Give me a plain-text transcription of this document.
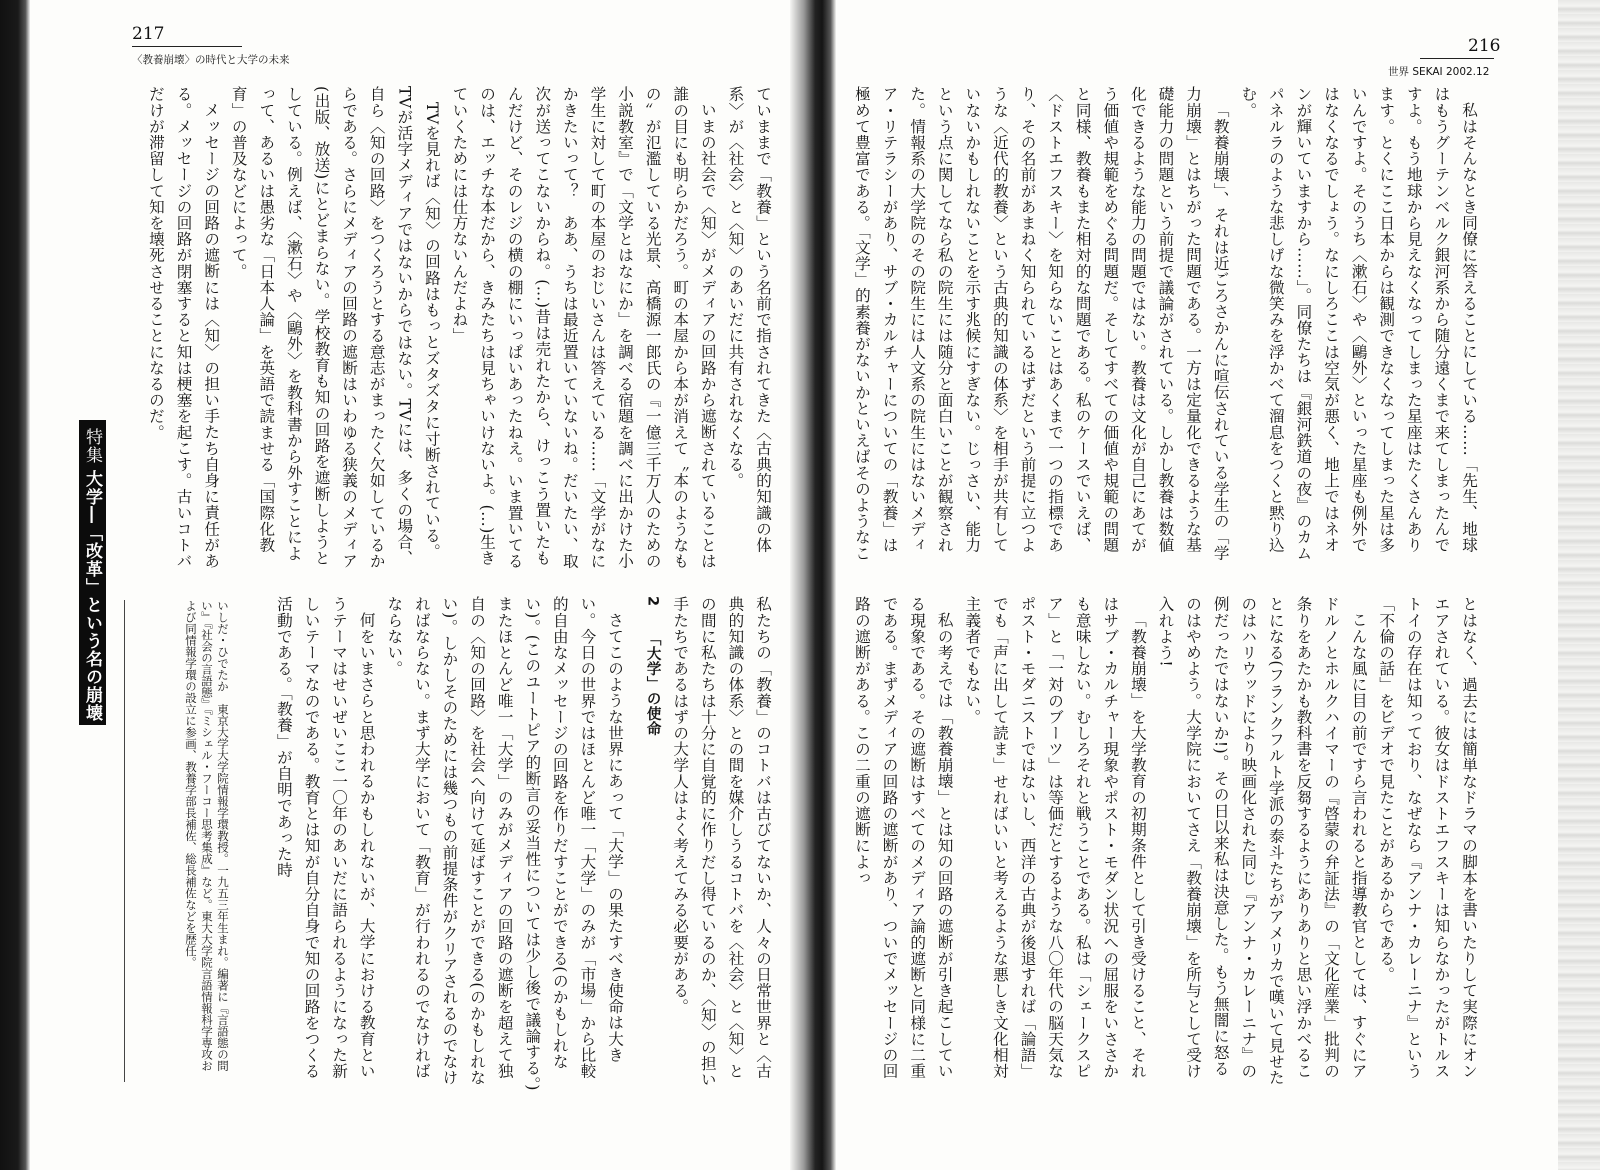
217
〈教養崩壊〉の時代と大学の未来
216
世界 SEKAI 2002.12
特集
大学―「改革」という名の崩壊

ていままで「教養」という名前で指されてきた〈古典的知識の体系〉が〈社会〉と〈知〉のあいだに共有されなくなる。

いまの社会で〈知〉がメディアの回路から遮断されていることは誰の目にも明らかだろう。町の本屋から本が消えて〝本のようなもの〟が氾濫している光景、高橋源一郎氏の『一億三千万人のための小説教室』で「文学とはなにか」を調べる宿題を調べに出かけた小学生に対して町の本屋のおじいさんは答えている……「文学がなにかきたいって？　ああ、うちは最近置いていないね。だいたい、取次が送ってこないからね。(…)昔は売れたから、けっこう置いたもんだけど、そのレジの横の棚にいっぱいあったねえ。いま置いてるのは、エッチな本だから、きみたちは見ちゃいけないよ。(…)生きていくためには仕方ないんだよね」

TVを見れば〈知〉の回路はもっとズタズタに寸断されている。TVが活字メディアではないからではない。TVには、多くの場合、自ら〈知の回路〉をつくろうとする意志がまったく欠如しているからである。さらにメディアの回路の遮断はいわゆる狭義のメディア(出版、放送)にとどまらない。学校教育も知の回路を遮断しようとしている。例えば、〈漱石〉や〈鷗外〉を教科書から外すことによって、あるいは愚劣な「日本人論」を英語で読ませる「国際化教育」の普及などによって。

メッセージの回路の遮断には〈知〉の担い手たち自身に責任がある。メッセージの回路が閉塞すると知は梗塞を起こす。古いコトバだけが滞留して知を壊死させることになるのだ。

私たちの「教養」のコトバは古びてないか、人々の日常世界と〈古典的知識の体系〉との間を媒介しうるコトバを〈社会〉と〈知〉との間に私たちは十分に自覚的に作りだし得ているのか、〈知〉の担い手たちであるはずの大学人はよく考えてみる必要がある。

2「大学」の使命

さてこのような世界にあって「大学」の果たすべき使命は大きい。今日の世界ではほとんど唯一「大学」のみが「市場」から比較的自由なメッセージの回路を作りだすことができる(のかもしれない)。(このユートピア的断言の妥当性については少し後で議論する。)またほとんど唯一「大学」のみがメディアの回路の遮断を超えて独自の〈知の回路〉を社会へ向けて延ばすことができる(のかもしれない)。しかしそのためには幾つもの前提条件がクリアされるのでなければならない。まず大学において「教育」が行われるのでなければならない。

何をいまさらと思われるかもしれないが、大学における教育というテーマはせいぜいここ一〇年のあいだに語られるようになった新しいテーマなのである。教育とは知が自分自身で知の回路をつくる活動である。「教養」が自明であった時

いしだ・ひでたか　東京大学大学院情報学環教授。一九五三年生まれ。編著に『言語態の問い』『社会の言語態』『ミシェル・フーコー思考集成』など。東大大学院言語情報科学専攻および同情報学環の設立に参画、教養学部長補佐、総長補佐などを歴任。

私はそんなとき同僚に答えることにしている……「先生、地球はもうグーテンベルク銀河系から随分遠くまで来てしまったんですよ。もう地球から見えなくなってしまった星座はたくさんあります。とくにここ日本からは観測できなくなってしまった星は多いんですよ。そのうち〈漱石〉や〈鷗外〉といった星座も例外ではなくなるでしょう。なにしろここは空気が悪く、地上ではネオンが輝いていますから……」。同僚たちは『銀河鉄道の夜』のカムパネルラのような悲しげな微笑みを浮かべて溜息をつくと黙り込む。

「教養崩壊」、それは近ごろさかんに喧伝されている学生の「学力崩壊」とはちがった問題である。一方は定量化できるような基礎能力の問題という前提で議論がされている。しかし教養は数値化できるような能力の問題ではない。教養は文化が自己にあてがう価値や規範をめぐる問題だ。そしてすべての価値や規範の問題と同様、教養もまた相対的な問題である。私のケースでいえば、〈ドストエフスキー〉を知らないことはあくまで一つの指標であり、その名前があまねく知られているはずだという前提に立つような〈近代的教養〉という古典的知識の体系〉を相手が共有していないかもしれないことを示す兆候にすぎない。じっさい、能力という点に関してなら私の院生には随分と面白いことが観察された。情報系の大学院のその院生には人文系の院生にはないメディア・リテラシーがあり、サブ・カルチャーについての「教養」は極めて豊富である。「文学」的素養がないかといえばそのようなこ

とはなく、過去には簡単なドラマの脚本を書いたりして実際にオンエアされている。彼女はドストエフスキーは知らなかったがトルストイの存在は知っており、なぜなら『アンナ・カレーニナ』という「不倫の話」をビデオで見たことがあるからである。

こんな風に目の前ですら言われると指導教官としては、すぐにアドルノとホルクハイマーの『啓蒙の弁証法』の「文化産業」批判の条りをあたかも教科書を反芻するようにありありと思い浮かべることになる(フランクフルト学派の泰斗たちがアメリカで嘆いて見せたのはハリウッドにより映画化された同じ『アンナ・カレーニナ』の例だったではないか!)。その日以来私は決意した。もう無闇に怒るのはやめよう。大学院においてさえ「教養崩壊」を所与として受け入れよう!

「教養崩壊」を大学教育の初期条件として引き受けること、それはサブ・カルチャー現象やポスト・モダン状況への屈服をいささかも意味しない。むしろそれと戦うことである。私は「シェークスピア」と「一対のブーツ」は等価だとするような八〇年代の脳天気なポスト・モダニストではないし、西洋の古典が後退すれば「論語」でも「声に出して読ま」せればいいと考えるような悪しき文化相対主義者でもない。

私の考えでは「教養崩壊」とは知の回路の遮断が引き起こしている現象である。その遮断はすべてのメディア論的遮断と同様に二重である。まずメディアの回路の遮断があり、ついでメッセージの回路の遮断がある。この二重の遮断によっ
